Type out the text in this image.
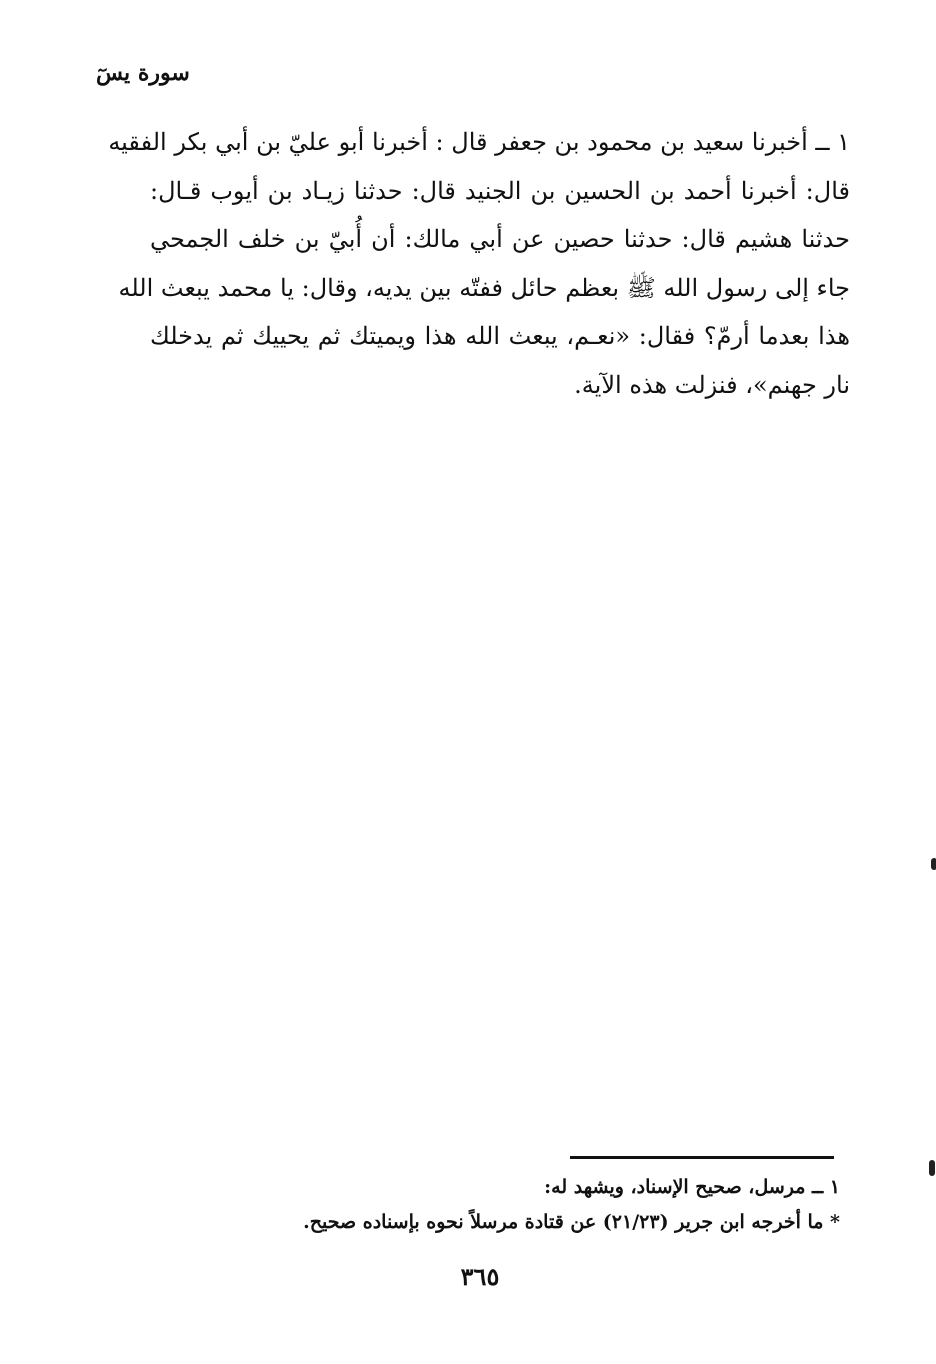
سورة يسٓ
١ ــ أخبرنا سعيد بن محمود بن جعفر قال : أخبرنا أبو عليّ بن أبي بكر الفقيه
قال: أخبرنا أحمد بن الحسين بن الجنيد قال: حدثنا زيـاد بن أيوب قـال:
حدثنا هشيم قال: حدثنا حصين عن أبي مالك: أن أُبيّ بن خلف الجمحي
جاء إلى رسول الله ﷺ بعظم حائل ففتّه بين يديه، وقال: يا محمد يبعث الله
هذا بعدما أرمّ؟ فقال: «نعـم، يبعث الله هذا ويميتك ثم يحييك ثم يدخلك
نار جهنم»، فنزلت هذه الآية.
١ ــ مرسل، صحيح الإسناد، ويشهد له:
* ما أخرجه ابن جرير (٢١/٢٣) عن قتادة مرسلاً نحوه بإسناده صحيح.
٣٦٥
